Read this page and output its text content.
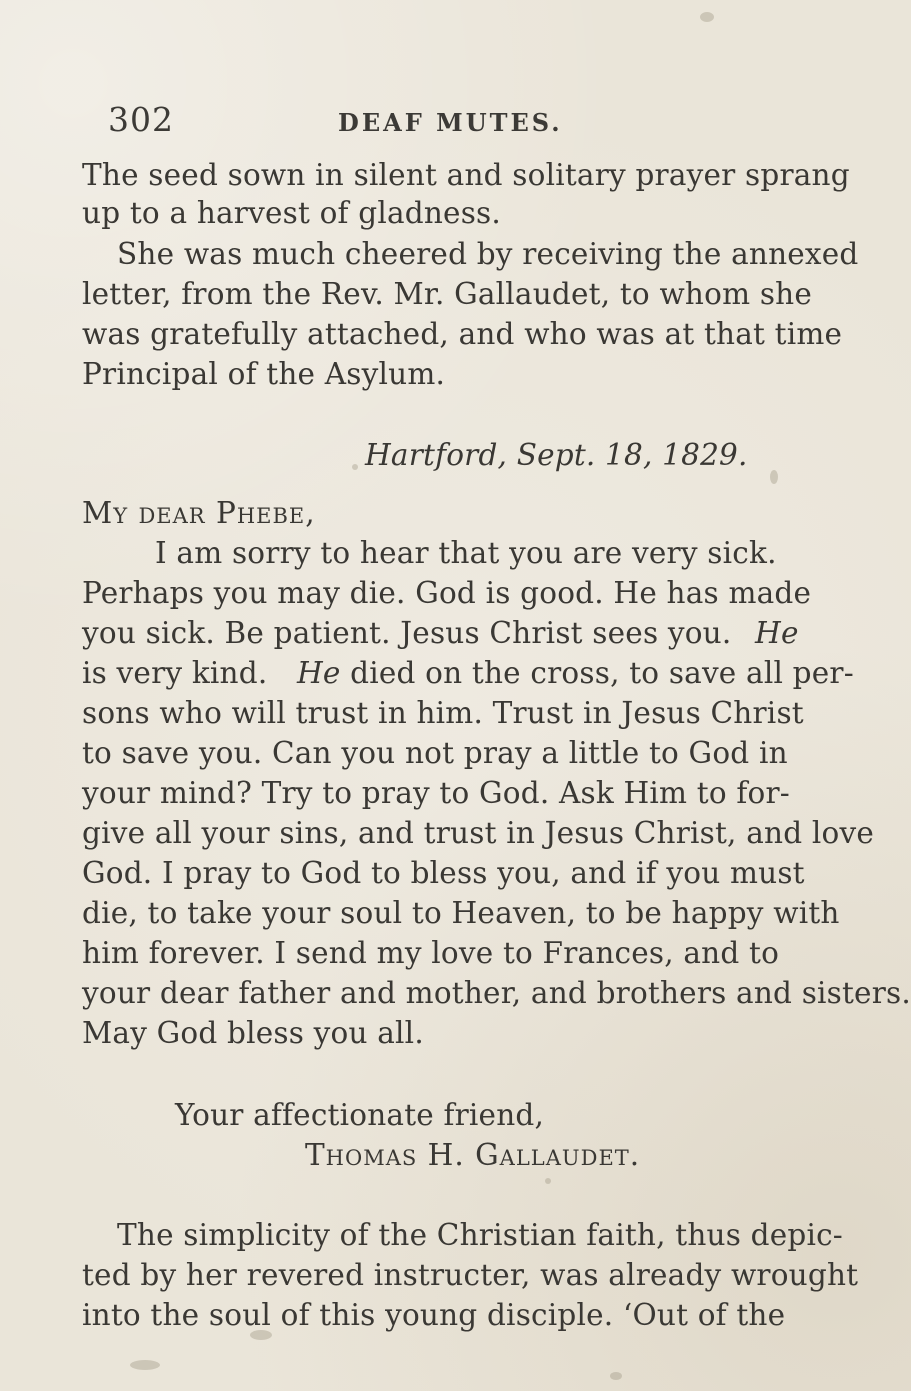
302	DEAF MUTES.
The seed sown in silent and solitary prayer sprang
up to a harvest of gladness.
She was much cheered by receiving the annexed
letter, from the Rev. Mr. Gallaudet, to whom she
was gratefully attached, and who was at that time
Principal of the Asylum.
Hartford, Sept. 18, 1829.
My dear Phebe,
I am sorry to hear that you are very sick.
Perhaps you may die. God is good. He has made
you sick. Be patient. Jesus Christ sees you. He
is very kind. He died on the cross, to save all per-
sons who will trust in him. Trust in Jesus Christ
to save you. Can you not pray a little to God in
your mind? Try to pray to God. Ask Him to for-
give all your sins, and trust in Jesus Christ, and love
God. I pray to God to bless you, and if you must
die, to take your soul to Heaven, to be happy with
him forever. I send my love to Frances, and to
your dear father and mother, and brothers and sisters.
May God bless you all.
Your affectionate friend,
Thomas H. Gallaudet.
The simplicity of the Christian faith, thus depic-
ted by her revered instructer, was already wrought
into the soul of this young disciple. ‘Out of the
